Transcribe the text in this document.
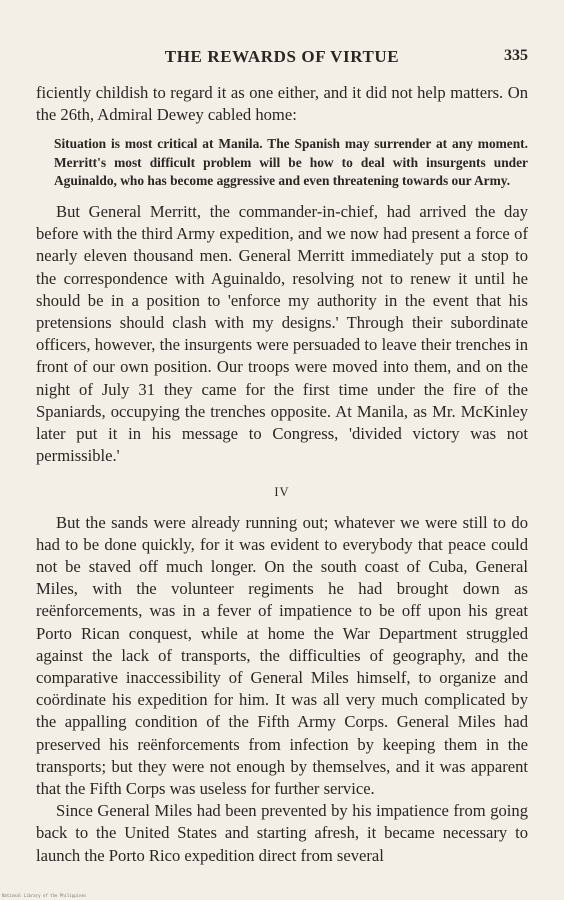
THE REWARDS OF VIRTUE	335

ficiently childish to regard it as one either, and it did not help matters. On the 26th, Admiral Dewey cabled home:

Situation is most critical at Manila. The Spanish may surrender at any moment. Merritt's most difficult problem will be how to deal with insurgents under Aguinaldo, who has become aggressive and even threatening towards our Army.

But General Merritt, the commander-in-chief, had arrived the day before with the third Army expedition, and we now had present a force of nearly eleven thousand men. General Merritt immediately put a stop to the correspondence with Aguinaldo, resolving not to renew it until he should be in a position to 'enforce my authority in the event that his pretensions should clash with my designs.' Through their subordinate officers, however, the insurgents were persuaded to leave their trenches in front of our own position. Our troops were moved into them, and on the night of July 31 they came for the first time under the fire of the Spaniards, occupying the trenches opposite. At Manila, as Mr. McKinley later put it in his message to Congress, 'divided victory was not permissible.'

IV

But the sands were already running out; whatever we were still to do had to be done quickly, for it was evident to everybody that peace could not be staved off much longer. On the south coast of Cuba, General Miles, with the volunteer regiments he had brought down as reënforcements, was in a fever of impatience to be off upon his great Porto Rican conquest, while at home the War Department struggled against the lack of transports, the difficulties of geography, and the comparative inaccessibility of General Miles himself, to organize and coördinate his expedition for him. It was all very much complicated by the appalling condition of the Fifth Army Corps. General Miles had preserved his reënforcements from infection by keeping them in the transports; but they were not enough by themselves, and it was apparent that the Fifth Corps was useless for further service.

Since General Miles had been prevented by his impatience from going back to the United States and starting afresh, it became necessary to launch the Porto Rico expedition direct from several

National Library of the Philippines
